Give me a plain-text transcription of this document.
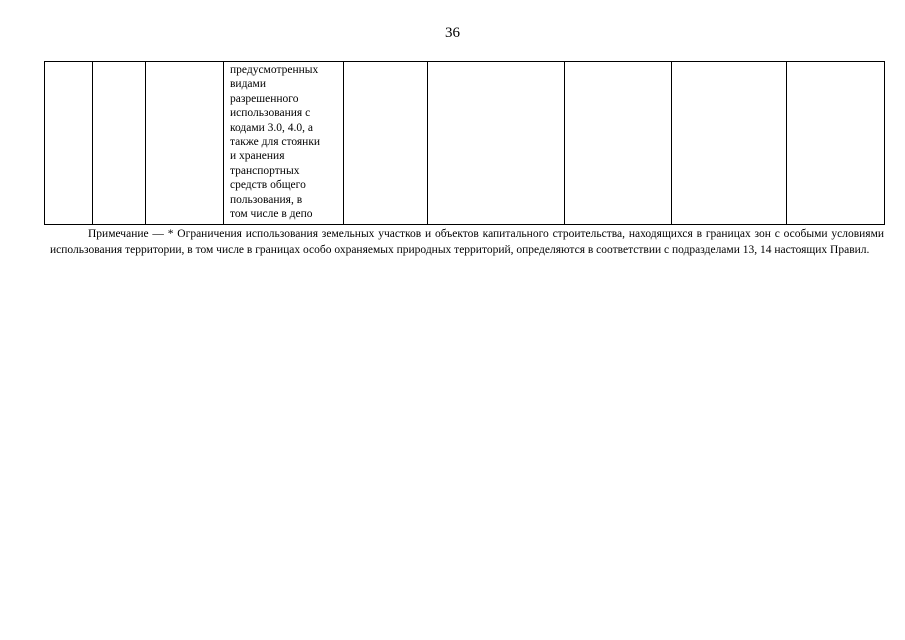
36

предусмотренных
видами
разрешенного
использования с
кодами 3.0, 4.0, а
также для стоянки
и хранения
транспортных
средств общего
пользования, в
том числе в депо

Примечание — * Ограничения использования земельных участков и объектов капитального строительства, находящихся в границах зон с особыми условиями использования территории, в том числе в границах особо охраняемых природных территорий, определяются в соответствии с подразделами 13, 14 настоящих Правил.
